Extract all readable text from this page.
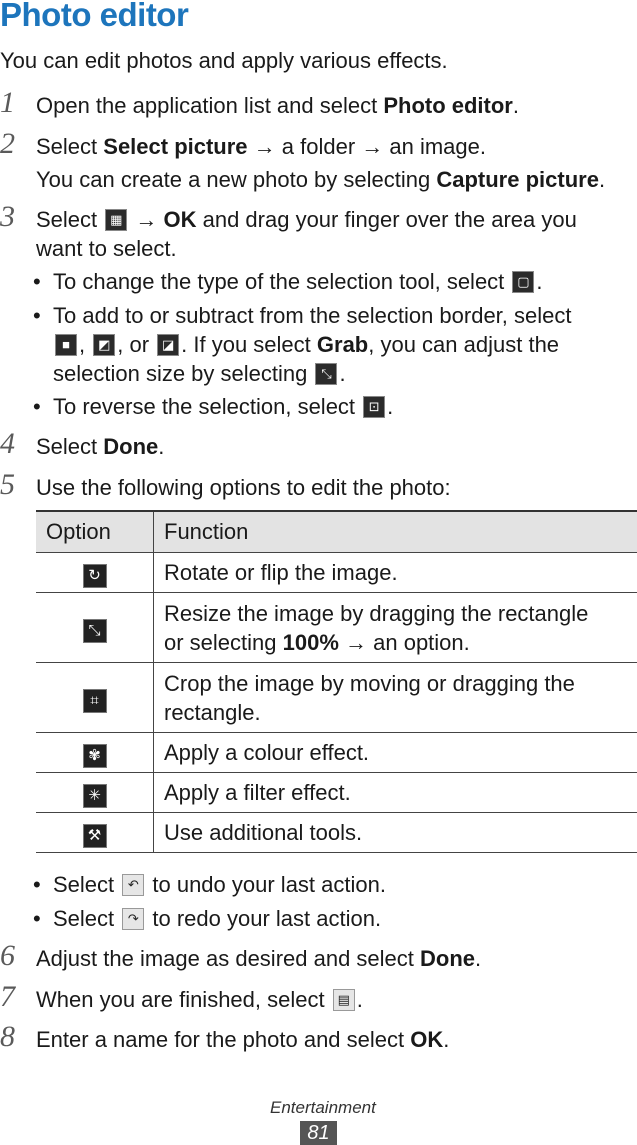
Photo editor
You can edit photos and apply various effects.
1 Open the application list and select Photo editor.
2 Select Select picture → a folder → an image.
You can create a new photo by selecting Capture picture.
3 Select ▦ → OK and drag your finger over the area you
want to select.
• To change the type of the selection tool, select ▢ .
• To add to or subtract from the selection border, select

■ , ◩ , or ◪ . If you select Grab, you can adjust the
selection size by selecting ⤡ .
• To reverse the selection, select ⊡ .
4 Select Done.
5 Use the following options to edit the photo:
Option	Function
↻	Rotate or flip the image.
⤡	Resize the image by dragging the rectangle
or selecting 100% → an option.
⌗	Crop the image by moving or dragging the
rectangle.
✾	Apply a colour effect.
✳	Apply a filter effect.
⚒	Use additional tools.
• Select ↶ to undo your last action.
• Select ↷ to redo your last action.
6 Adjust the image as desired and select Done.
7 When you are finished, select ▤ .
8 Enter a name for the photo and select OK.
Entertainment
81
